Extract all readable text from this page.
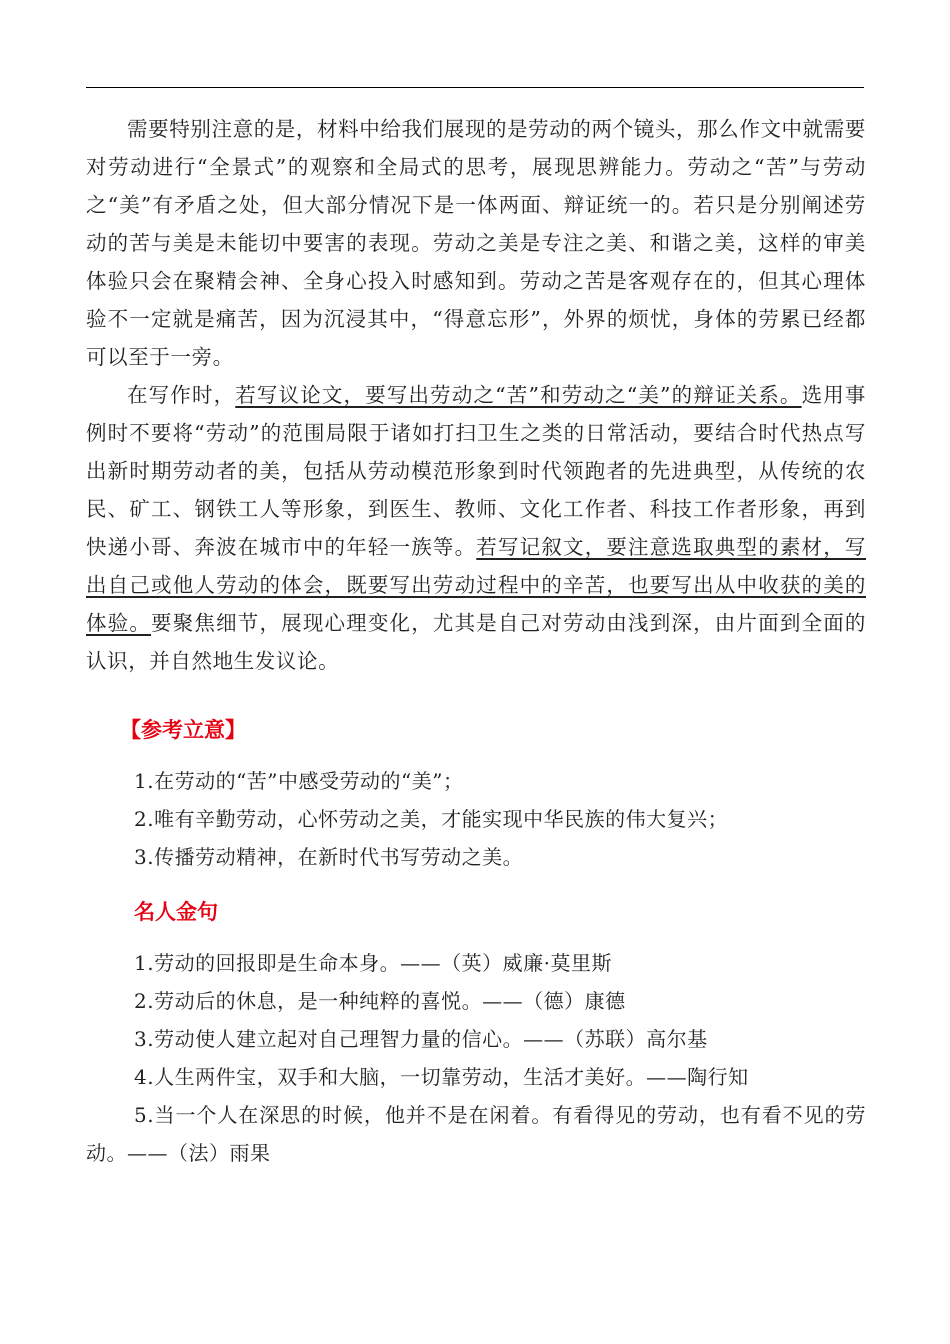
需要特别注意的是，材料中给我们展现的是劳动的两个镜头，那么作文中就需要对劳动进行“全景式”的观察和全局式的思考，展现思辨能力。劳动之“苦”与劳动之“美”有矛盾之处，但大部分情况下是一体两面、辩证统一的。若只是分别阐述劳动的苦与美是未能切中要害的表现。劳动之美是专注之美、和谐之美，这样的审美体验只会在聚精会神、全身心投入时感知到。劳动之苦是客观存在的，但其心理体验不一定就是痛苦，因为沉浸其中，“得意忘形”，外界的烦忧，身体的劳累已经都可以至于一旁。

在写作时，若写议论文，要写出劳动之“苦”和劳动之“美”的辩证关系。选用事例时不要将“劳动”的范围局限于诸如打扫卫生之类的日常活动，要结合时代热点写出新时期劳动者的美，包括从劳动模范形象到时代领跑者的先进典型，从传统的农民、矿工、钢铁工人等形象，到医生、教师、文化工作者、科技工作者形象，再到快递小哥、奔波在城市中的年轻一族等。若写记叙文，要注意选取典型的素材，写出自己或他人劳动的体会，既要写出劳动过程中的辛苦，也要写出从中收获的美的体验。要聚焦细节，展现心理变化，尤其是自己对劳动由浅到深，由片面到全面的认识，并自然地生发议论。

【参考立意】
1.在劳动的“苦”中感受劳动的“美”；
2.唯有辛勤劳动，心怀劳动之美，才能实现中华民族的伟大复兴；
3.传播劳动精神，在新时代书写劳动之美。
名人金句
1.劳动的回报即是生命本身。——（英）威廉·莫里斯
2.劳动后的休息，是一种纯粹的喜悦。——（德）康德
3.劳动使人建立起对自己理智力量的信心。——（苏联）高尔基
4.人生两件宝，双手和大脑，一切靠劳动，生活才美好。——陶行知
5.当一个人在深思的时候，他并不是在闲着。有看得见的劳动，也有看不见的劳动。——（法）雨果
